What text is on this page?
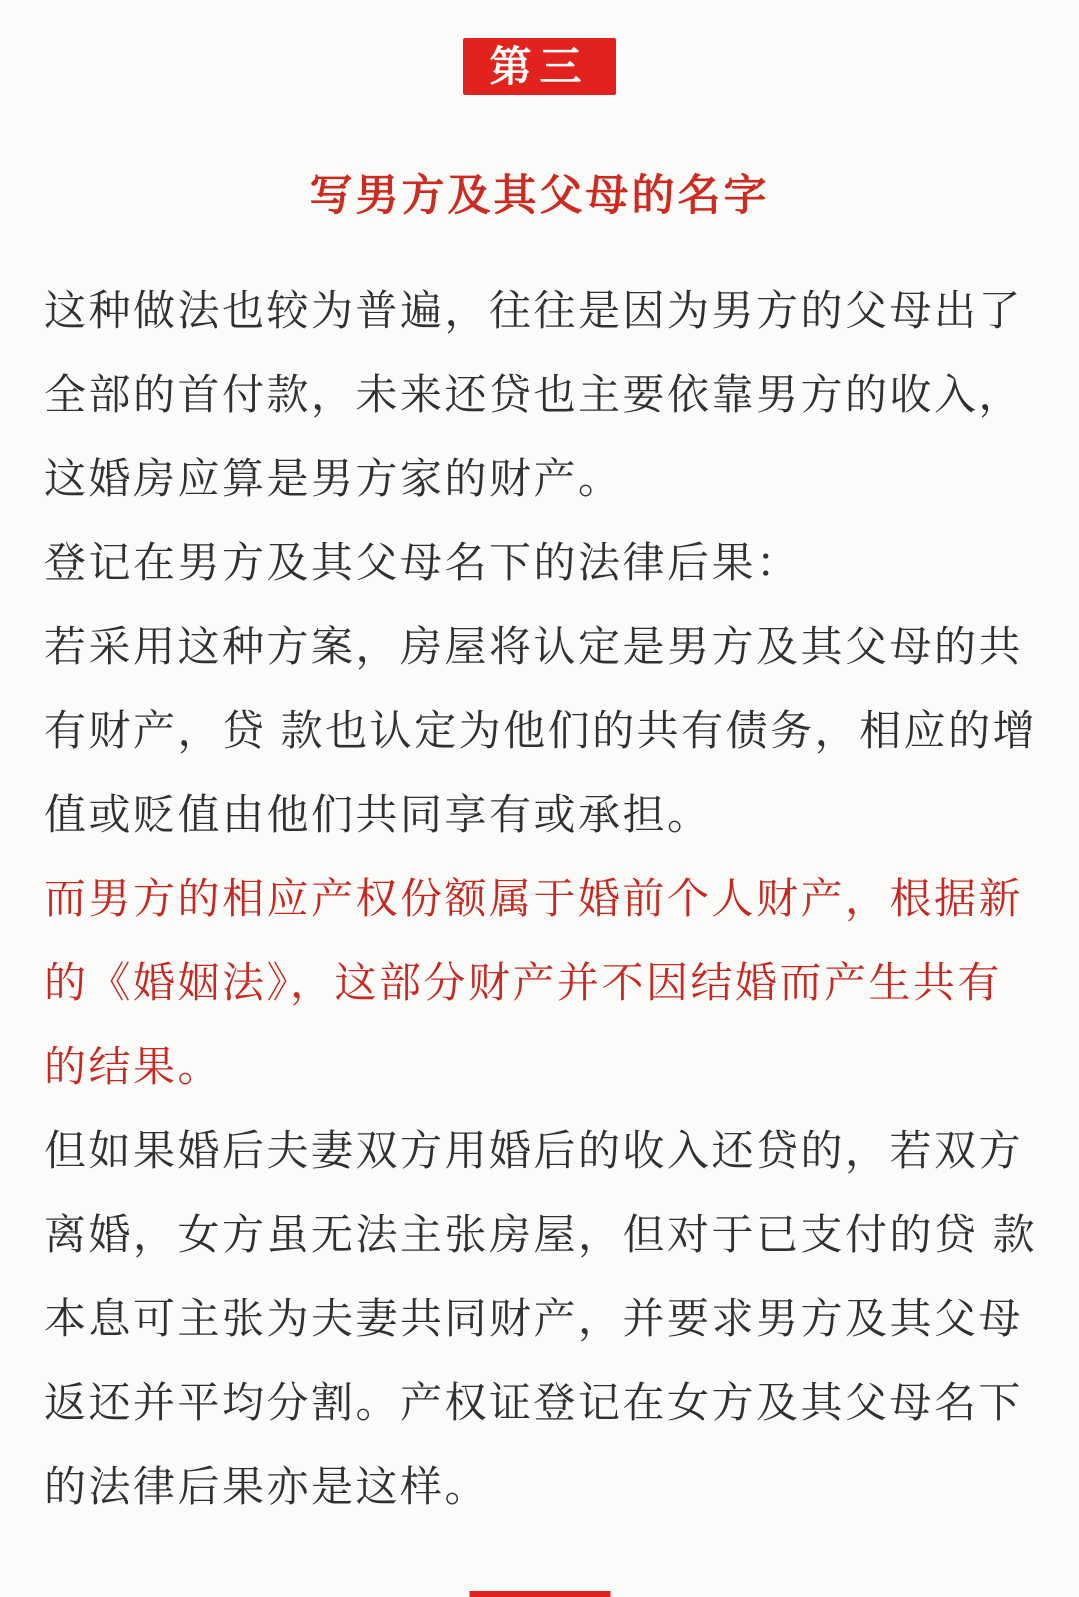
第三
写男方及其父母的名字
这种做法也较为普遍，往往是因为男方的父母出了
全部的首付款，未来还贷也主要依靠男方的收入，
这婚房应算是男方家的财产。
登记在男方及其父母名下的法律后果：
若采用这种方案，房屋将认定是男方及其父母的共
有财产，贷 款也认定为他们的共有债务，相应的增
值或贬值由他们共同享有或承担。
而男方的相应产权份额属于婚前个人财产，根据新
的《婚姻法》，这部分财产并不因结婚而产生共有
的结果。
但如果婚后夫妻双方用婚后的收入还贷的，若双方
离婚，女方虽无法主张房屋，但对于已支付的贷 款
本息可主张为夫妻共同财产，并要求男方及其父母
返还并平均分割。产权证登记在女方及其父母名下
的法律后果亦是这样。
